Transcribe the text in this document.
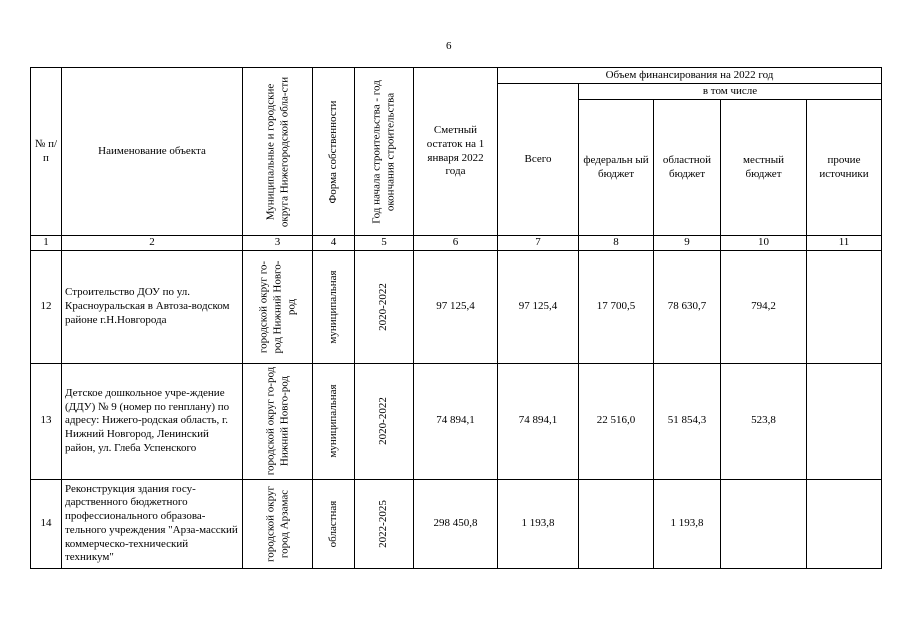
6
№ п/п	Наименование объекта	Муниципальные и городские округа Нижегородской обла-сти	Форма собственности	Год начала строительства - год окончания строительства	Сметный остаток на 1 января 2022 года	Объем финансирования на 2022 год				
						Всего	в том числе			
							федеральн ый бюджет	областной бюджет	местный бюджет	прочие источники

1	2	3	4	5	6	7	8	9	10	11
12	Строительство ДОУ по ул. Красноуральская в Автоза-водском районе г.Н.Новгорода	городской округ го-род Нижний Новго-род	муниципальная	2020-2022	97 125,4	97 125,4	17 700,5	78 630,7	794,2	
13	Детское дошкольное учре-ждение (ДДУ) № 9 (номер по генплану) по адресу: Нижего-родская область, г. Нижний Новгород, Ленинский район, ул. Глеба Успенского	городской округ го-род Нижний Новго-род	муниципальная	2020-2022	74 894,1	74 894,1	22 516,0	51 854,3	523,8	
14	Реконструкция здания госу-дарственного бюджетного профессионального образова-тельного учреждения "Арза-масский коммерческо-технический техникум"	городской округ город Арзамас	областная	2022-2025	298 450,8	1 193,8		1 193,8		
